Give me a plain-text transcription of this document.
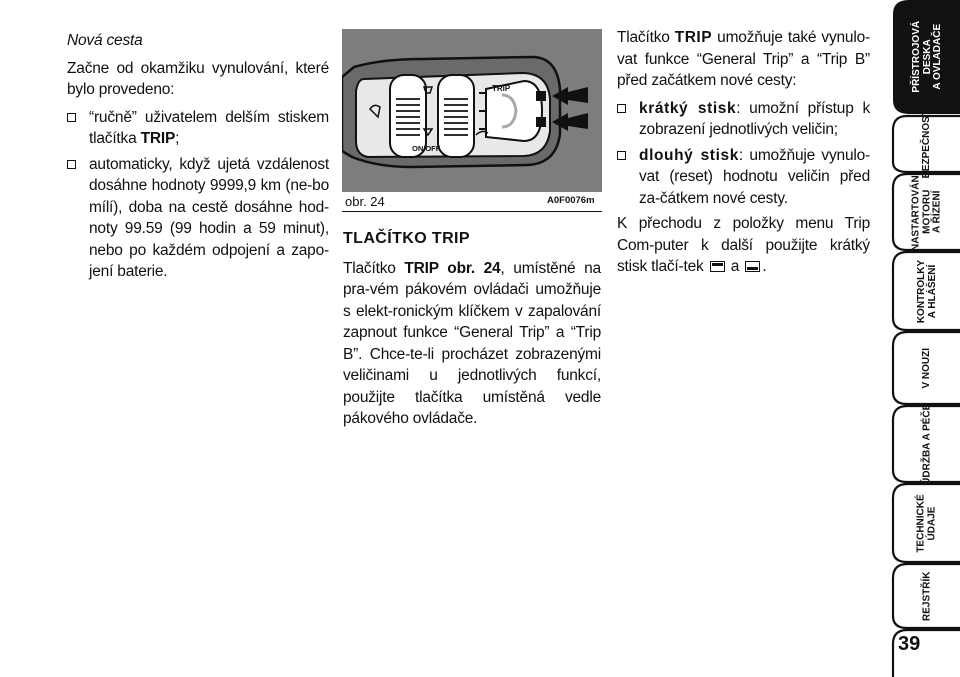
Nová cesta

Začne od okamžiku vynulování, které bylo provedeno:

“ručně” uživatelem delším stiskem tlačítka TRIP;
automaticky, když ujetá vzdálenost dosáhne hodnoty 9999,9 km (ne-bo mílí), doba na cestě dosáhne hod-noty 99.59 (99 hodin a 59 minut), nebo po každém odpojení a zapo-jení baterie.
TRIP
ON/OFF
obr. 24	A0F0076m
TLAČÍTKO TRIP

Tlačítko TRIP obr. 24, umístěné na pra-vém pákovém ovládači umožňuje s elekt-ronickým klíčkem v zapalování zapnout funkce “General Trip” a “Trip B”. Chce-te-li procházet zobrazenými veličinami u jednotlivých funkcí, použijte tlačítka umístěná vedle pákového ovládače.

Tlačítko TRIP umožňuje také vynulo-vat funkce “General Trip” a “Trip B” před začátkem nové cesty:

krátký stisk: umožní přístup k zobrazení jednotlivých veličin;
dlouhý stisk: umožňuje vynulo-vat (reset) hodnotu veličin před za-čátkem nové cesty.

K přechodu z položky menu Trip Com-puter k další použijte krátký stisk tlačí-tek  a .

PŘÍSTROJOVÁ
DESKA
A OVLADAČE
BEZPEČNOST
NASTARTOVÁNÍ
MOTORU
A ŘÍZENÍ
KONTROLKY
A HLÁŠENÍ
V NOUZI
ÚDRŽBA A PÉČE
TECHNICKÉ
ÚDAJE
REJSTŘÍK
39
